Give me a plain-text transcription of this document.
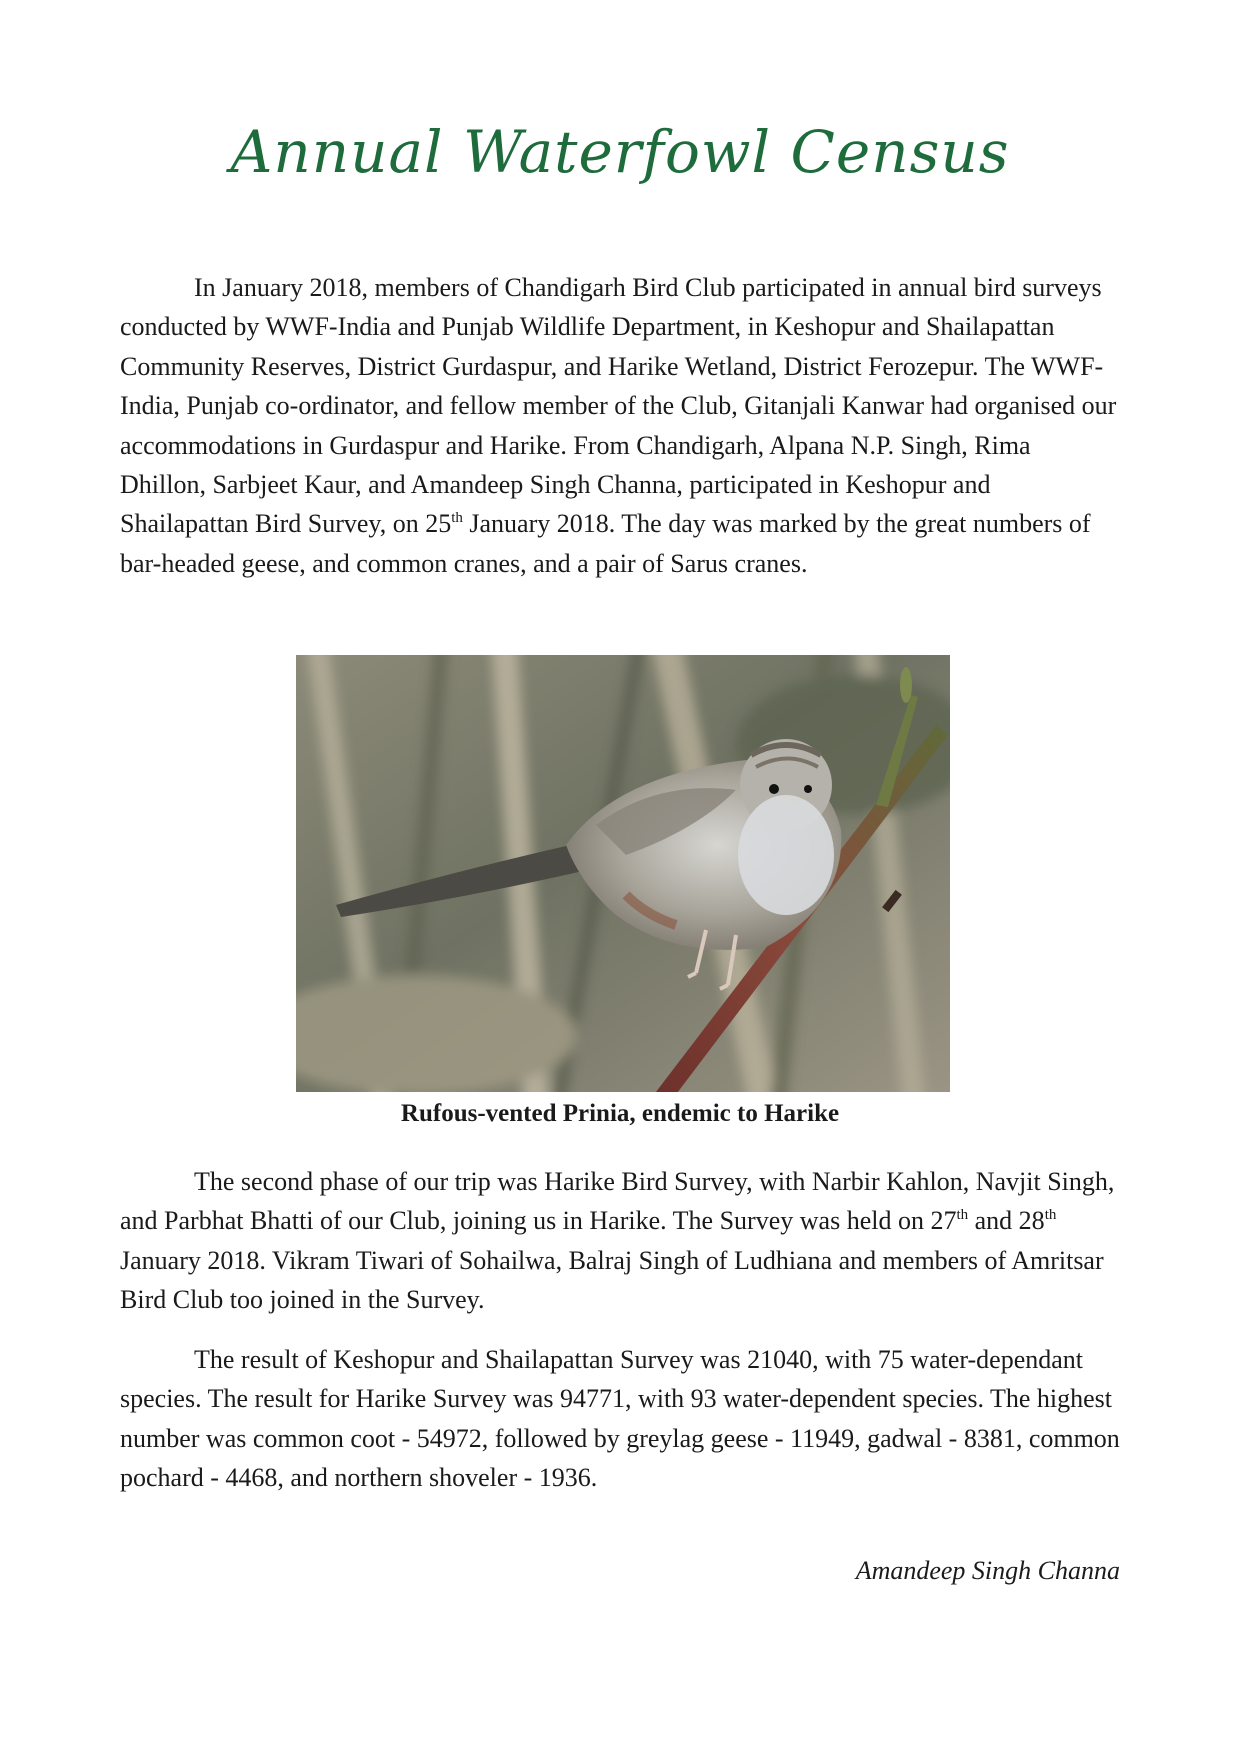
Annual Waterfowl Census

In January 2018, members of Chandigarh Bird Club participated in annual bird surveys conducted by WWF-India and Punjab Wildlife Department, in Keshopur and Shailapattan Community Reserves, District Gurdaspur, and Harike Wetland, District Ferozepur. The WWF-India, Punjab co-ordinator, and fellow member of the Club, Gitanjali Kanwar had organised our accommodations in Gurdaspur and Harike. From Chandigarh, Alpana N.P. Singh, Rima Dhillon, Sarbjeet Kaur, and Amandeep Singh Channa, participated in Keshopur and Shailapattan Bird Survey, on 25th January 2018. The day was marked by the great numbers of bar-headed geese, and common cranes, and a pair of Sarus cranes.

Rufous-vented Prinia, endemic to Harike

The second phase of our trip was Harike Bird Survey, with Narbir Kahlon, Navjit Singh, and Parbhat Bhatti of our Club, joining us in Harike. The Survey was held on 27th and 28th January 2018. Vikram Tiwari of Sohailwa, Balraj Singh of Ludhiana and members of Amritsar Bird Club too joined in the Survey.

The result of Keshopur and Shailapattan Survey was 21040, with 75 water-dependant species. The result for Harike Survey was 94771, with 93 water-dependent species. The highest number was common coot - 54972, followed by greylag geese - 11949, gadwal - 8381, common pochard - 4468, and northern shoveler - 1936.

Amandeep Singh Channa
